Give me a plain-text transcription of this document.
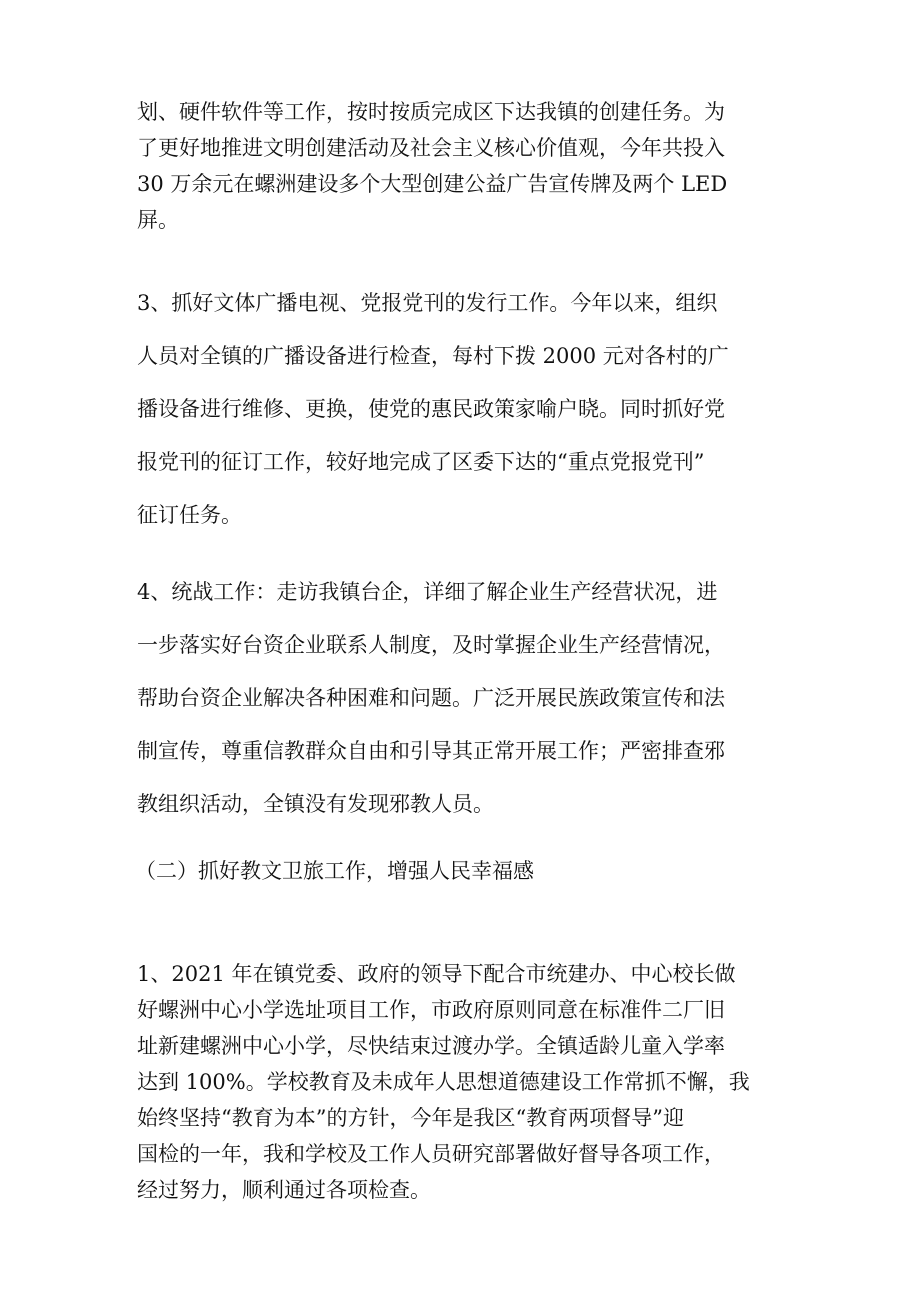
划、硬件软件等工作，按时按质完成区下达我镇的创建任务。为
了更好地推进文明创建活动及社会主义核心价值观，今年共投入
30 万余元在螺洲建设多个大型创建公益广告宣传牌及两个 LED
屏。
3、抓好文体广播电视、党报党刊的发行工作。今年以来，组织
人员对全镇的广播设备进行检查，每村下拨 2000 元对各村的广
播设备进行维修、更换，使党的惠民政策家喻户晓。同时抓好党
报党刊的征订工作，较好地完成了区委下达的“重点党报党刊”
征订任务。
4、统战工作：走访我镇台企，详细了解企业生产经营状况，进
一步落实好台资企业联系人制度，及时掌握企业生产经营情况，
帮助台资企业解决各种困难和问题。广泛开展民族政策宣传和法
制宣传，尊重信教群众自由和引导其正常开展工作；严密排查邪
教组织活动，全镇没有发现邪教人员。
（二）抓好教文卫旅工作，增强人民幸福感
1、2021 年在镇党委、政府的领导下配合市统建办、中心校长做
好螺洲中心小学选址项目工作，市政府原则同意在标准件二厂旧
址新建螺洲中心小学，尽快结束过渡办学。全镇适龄儿童入学率
达到 100%。学校教育及未成年人思想道德建设工作常抓不懈，我
始终坚持“教育为本”的方针，今年是我区“教育两项督导”迎
国检的一年，我和学校及工作人员研究部署做好督导各项工作，
经过努力，顺利通过各项检查。
